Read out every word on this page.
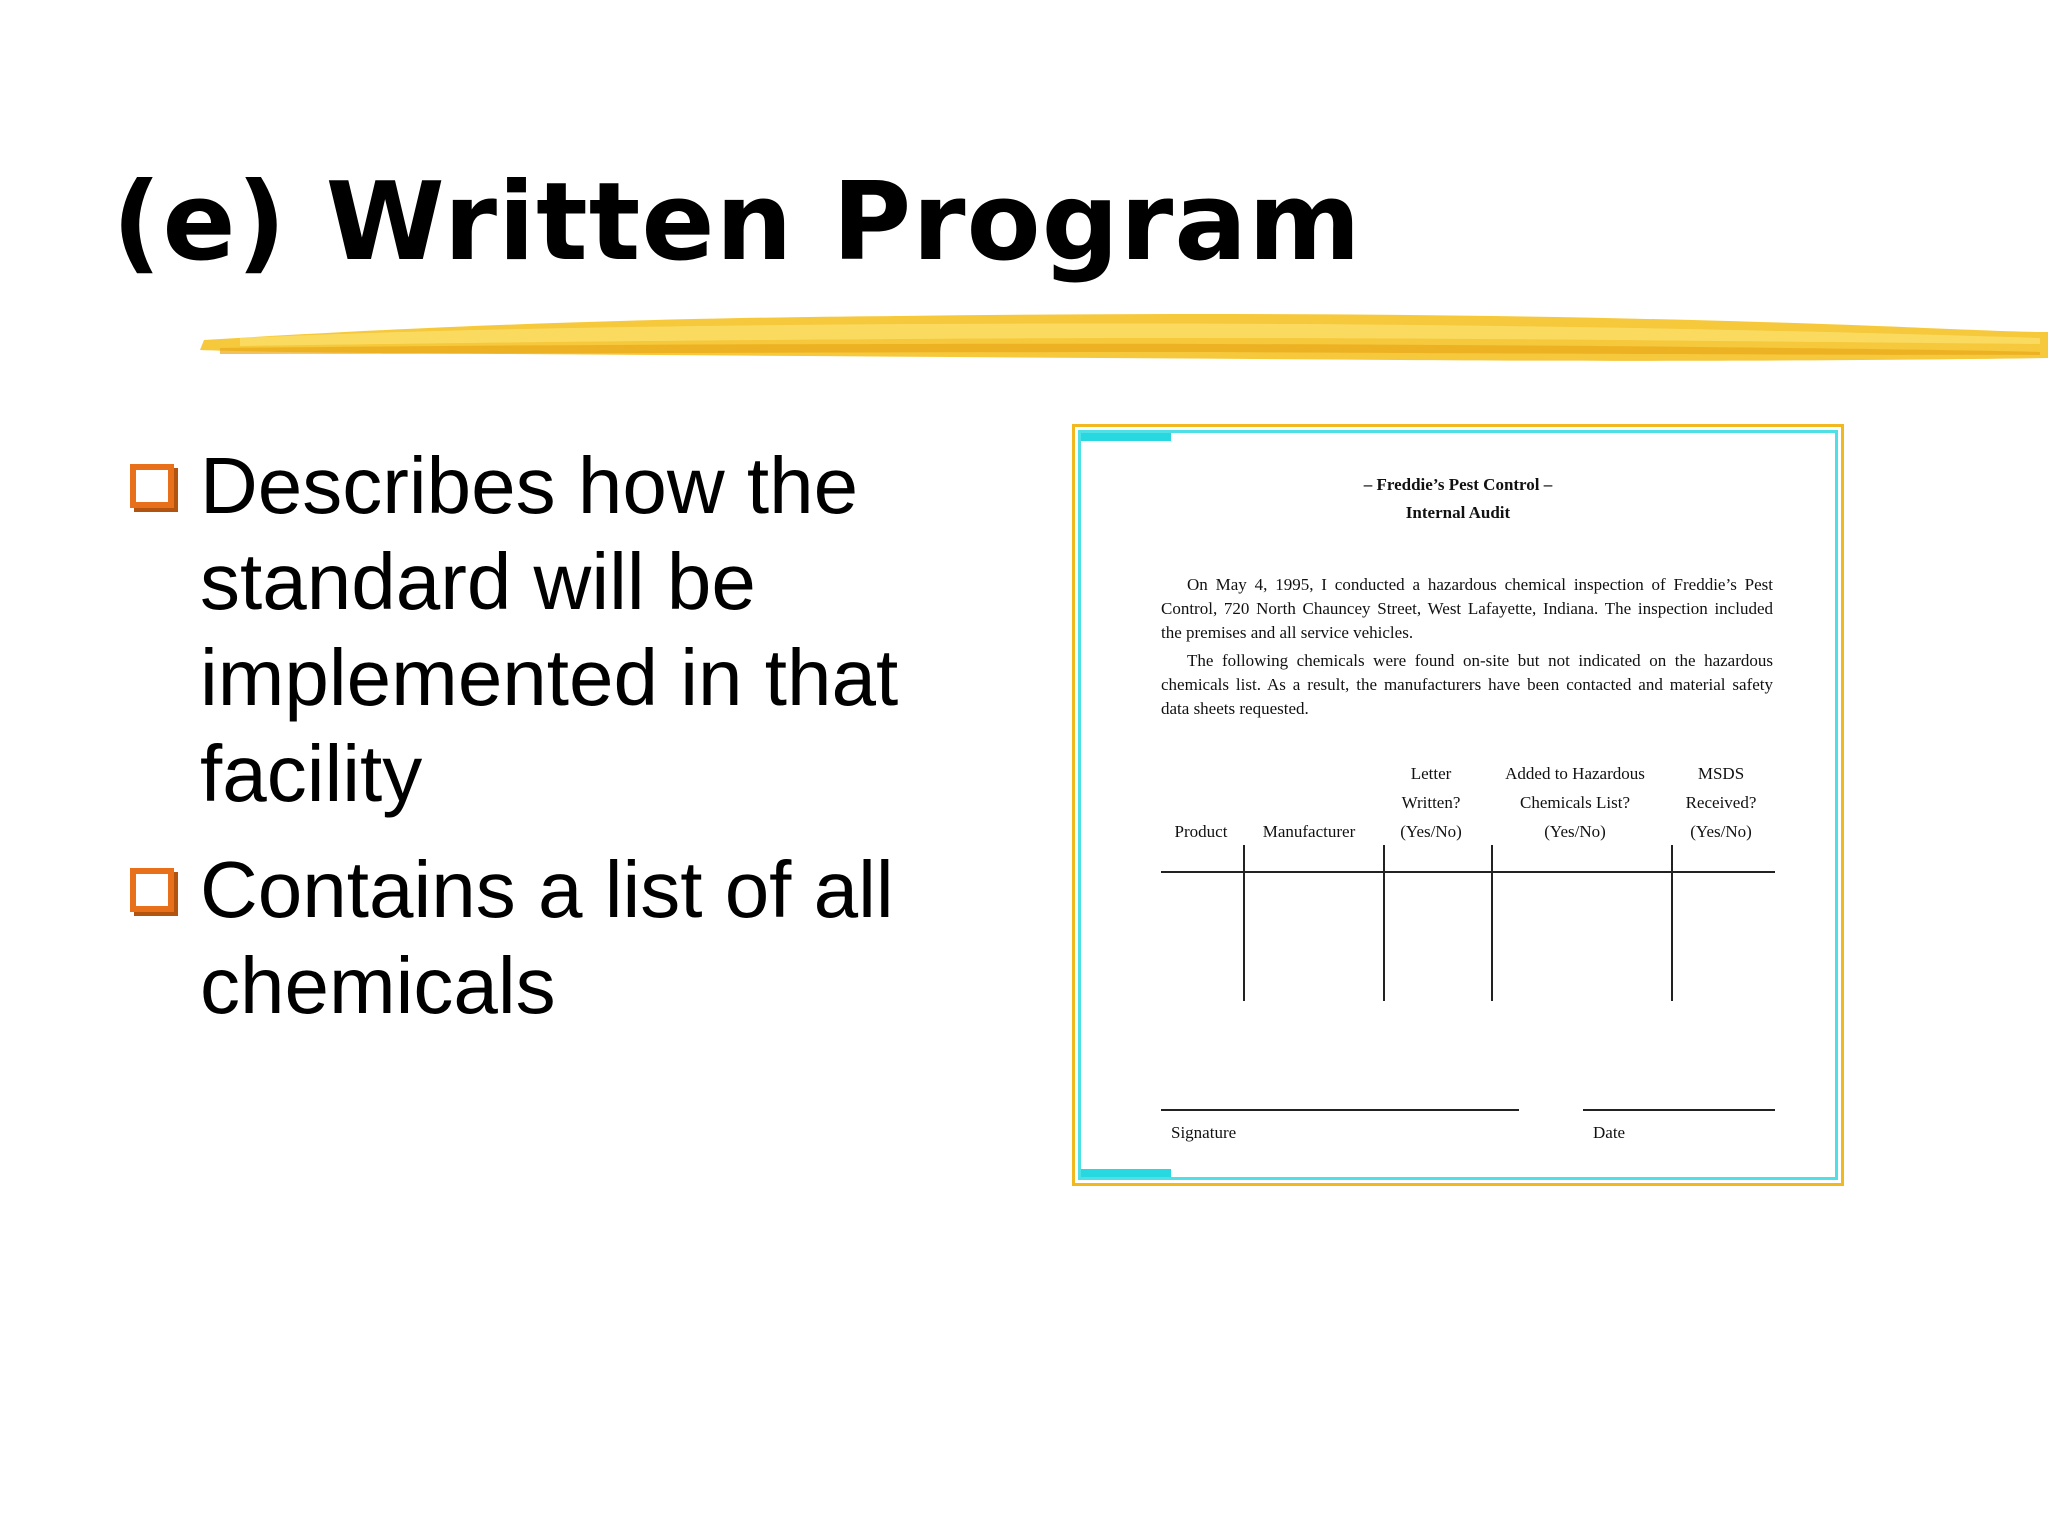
(e) Written Program
Describes how the standard will be implemented in that facility
Contains a list of all chemicals
– Freddie’s Pest Control –
Internal Audit

On May 4, 1995, I conducted a hazardous chemical inspection of Freddie’s Pest Control, 720 North Chauncey Street, West Lafayette, Indiana. The inspection included the premises and all service vehicles.

The following chemicals were found on-site but not indicated on the hazardous chemicals list. As a result, the manufacturers have been contacted and material safety data sheets requested.

Product	Manufacturer
Letter
Written?
(Yes/No)
Added to Hazardous
Chemicals List?
(Yes/No)
MSDS
Received?
(Yes/No)
Signature	Date
